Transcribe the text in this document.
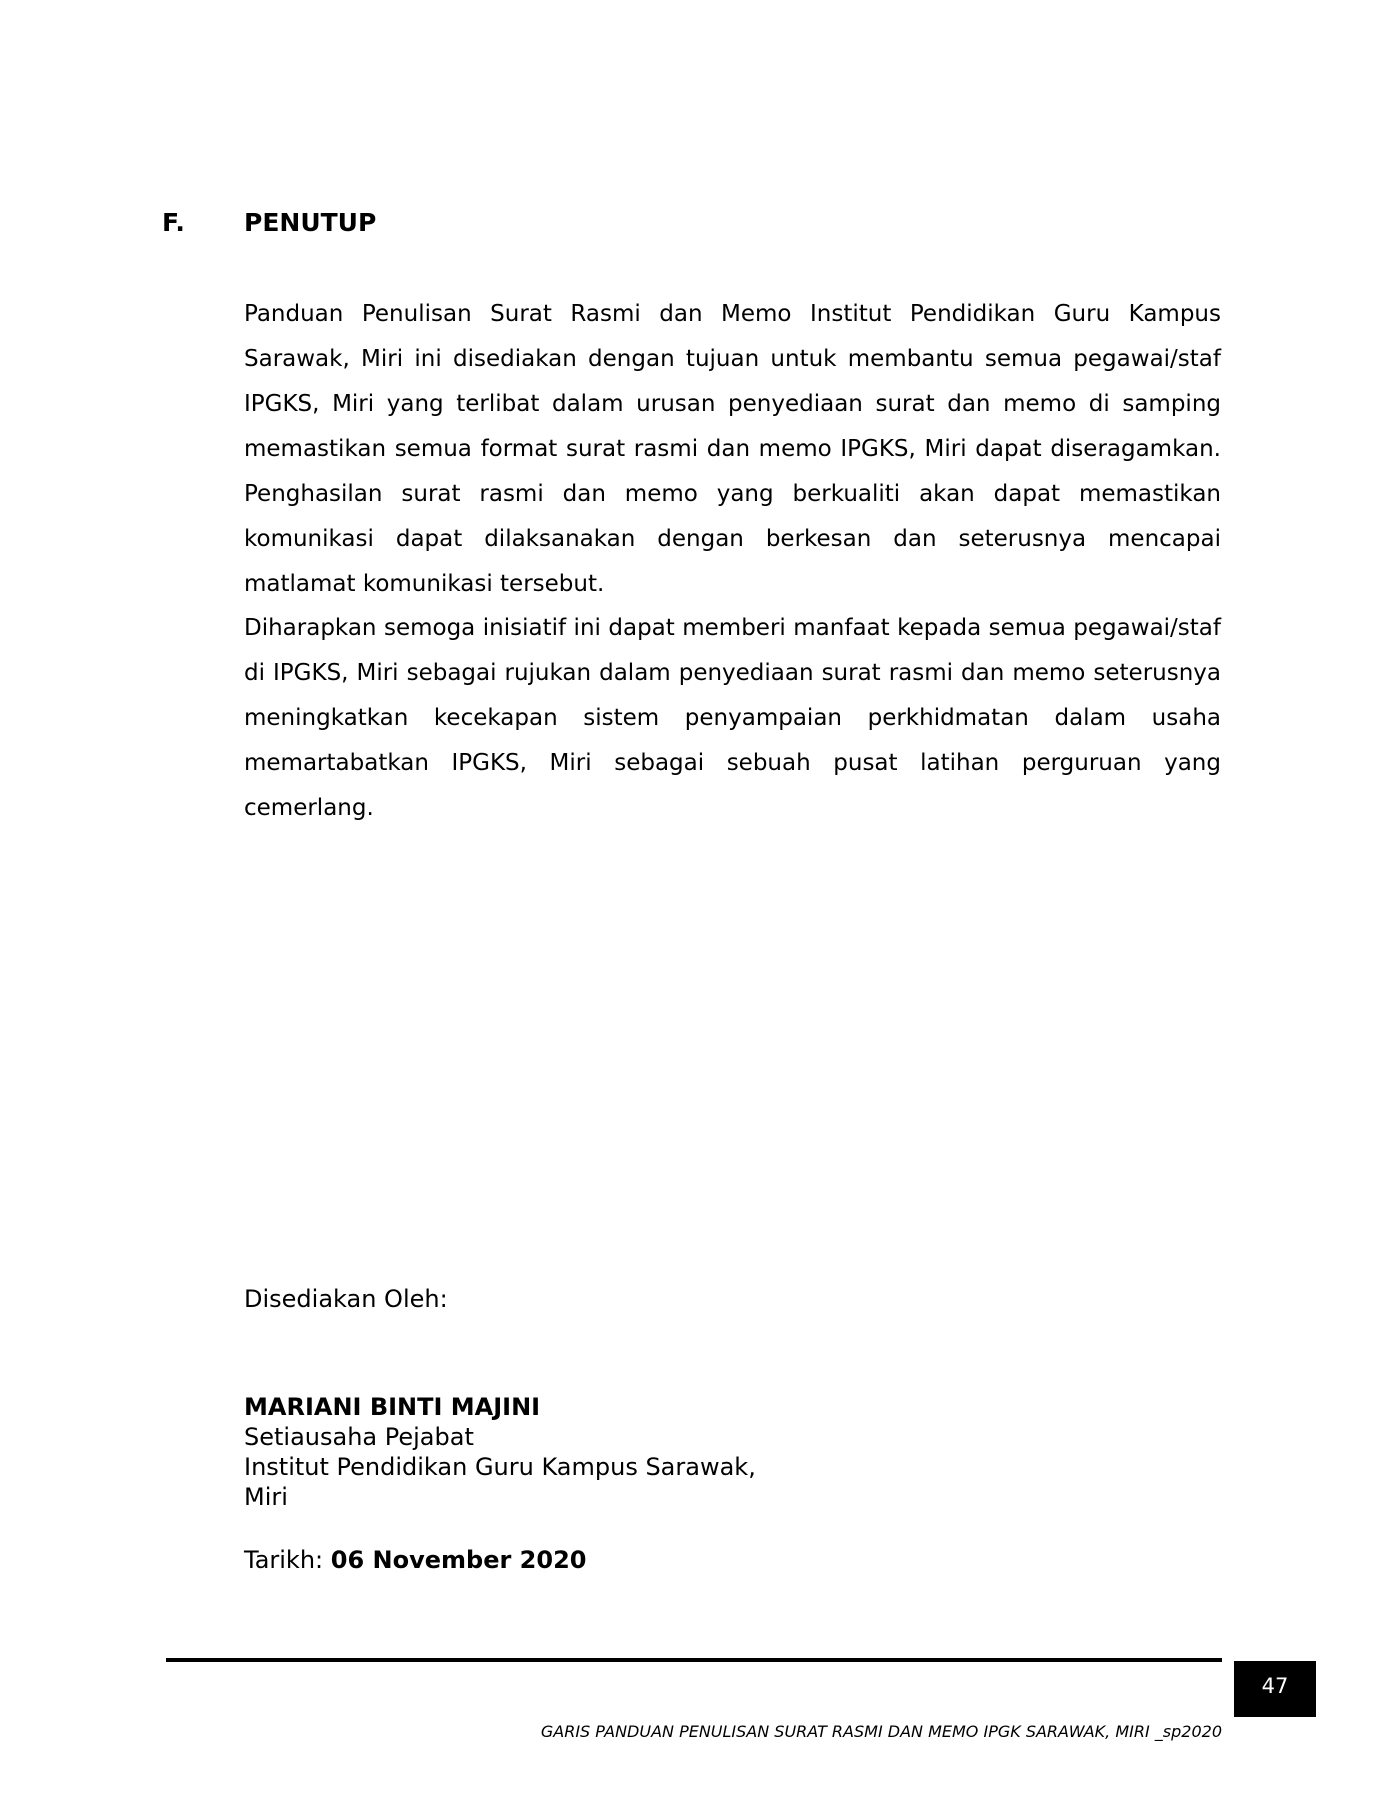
F. PENUTUP

Panduan Penulisan Surat Rasmi dan Memo Institut Pendidikan Guru Kampus Sarawak, Miri ini disediakan dengan tujuan untuk membantu semua pegawai/staf IPGKS, Miri yang terlibat dalam urusan penyediaan surat dan memo di samping memastikan semua format surat rasmi dan memo IPGKS, Miri dapat diseragamkan. Penghasilan surat rasmi dan memo yang berkualiti akan dapat memastikan komunikasi dapat dilaksanakan dengan berkesan dan seterusnya mencapai matlamat komunikasi tersebut.

Diharapkan semoga inisiatif ini dapat memberi manfaat kepada semua pegawai/staf di IPGKS, Miri sebagai rujukan dalam penyediaan surat rasmi dan memo seterusnya meningkatkan kecekapan sistem penyampaian perkhidmatan dalam usaha memartabatkan IPGKS, Miri sebagai sebuah pusat latihan perguruan yang cemerlang.

Disediakan Oleh:
MARIANI BINTI MAJINI
Setiausaha Pejabat
Institut Pendidikan Guru Kampus Sarawak,
Miri
Tarikh: 06 November 2020
47
GARIS PANDUAN PENULISAN SURAT RASMI DAN MEMO IPGK SARAWAK, MIRI _sp2020
